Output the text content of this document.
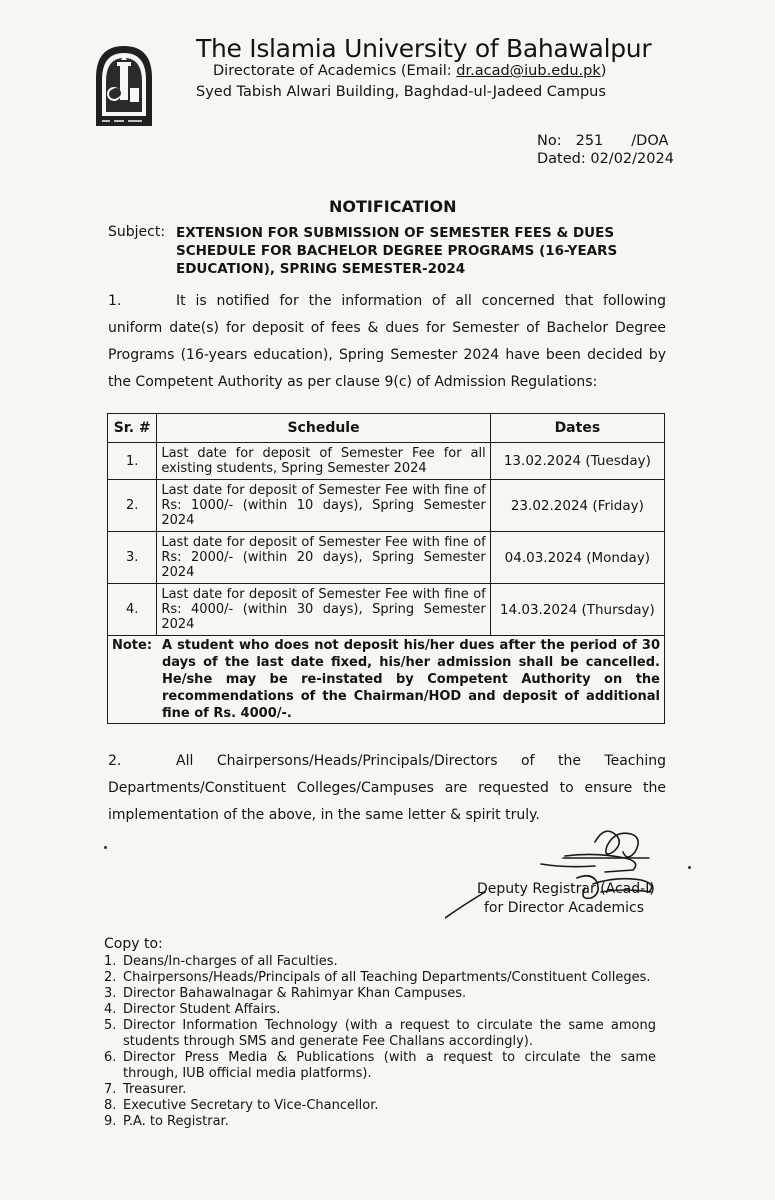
The Islamia University of Bahawalpur
Directorate of Academics (Email: dr.acad@iub.edu.pk)
Syed Tabish Alwari Building, Baghdad-ul-Jadeed Campus
No: 251 /DOA
Dated: 02/02/2024
NOTIFICATION
Subject: EXTENSION FOR SUBMISSION OF SEMESTER FEES & DUES SCHEDULE FOR BACHELOR DEGREE PROGRAMS (16-YEARS EDUCATION), SPRING SEMESTER-2024
1.	It is notified for the information of all concerned that following uniform date(s) for deposit of fees & dues for Semester of Bachelor Degree Programs (16-years education), Spring Semester 2024 have been decided by the Competent Authority as per clause 9(c) of Admission Regulations:
Sr. #	Schedule	Dates
1.	Last date for deposit of Semester Fee for all existing students, Spring Semester 2024	13.02.2024 (Tuesday)
2.	Last date for deposit of Semester Fee with fine of Rs: 1000/- (within 10 days), Spring Semester 2024	23.02.2024 (Friday)
3.	Last date for deposit of Semester Fee with fine of Rs: 2000/- (within 20 days), Spring Semester 2024	04.03.2024 (Monday)
4.	Last date for deposit of Semester Fee with fine of Rs: 4000/- (within 30 days), Spring Semester 2024	14.03.2024 (Thursday)

Note: A student who does not deposit his/her dues after the period of 30 days of the last date fixed, his/her admission shall be cancelled. He/she may be re-instated by Competent Authority on the recommendations of the Chairman/HOD and deposit of additional fine of Rs. 4000/-.		
2.	All Chairpersons/Heads/Principals/Directors of the Teaching Departments/Constituent Colleges/Campuses are requested to ensure the implementation of the above, in the same letter & spirit truly.
Deputy Registrar (Acad-I)
for Director Academics
Copy to:
1. Deans/In-charges of all Faculties.
2. Chairpersons/Heads/Principals of all Teaching Departments/Constituent Colleges.
3. Director Bahawalnagar & Rahimyar Khan Campuses.
4. Director Student Affairs.
5. Director Information Technology (with a request to circulate the same among students through SMS and generate Fee Challans accordingly).
6. Director Press Media & Publications (with a request to circulate the same through, IUB official media platforms).
7. Treasurer.
8. Executive Secretary to Vice-Chancellor.
9. P.A. to Registrar.
